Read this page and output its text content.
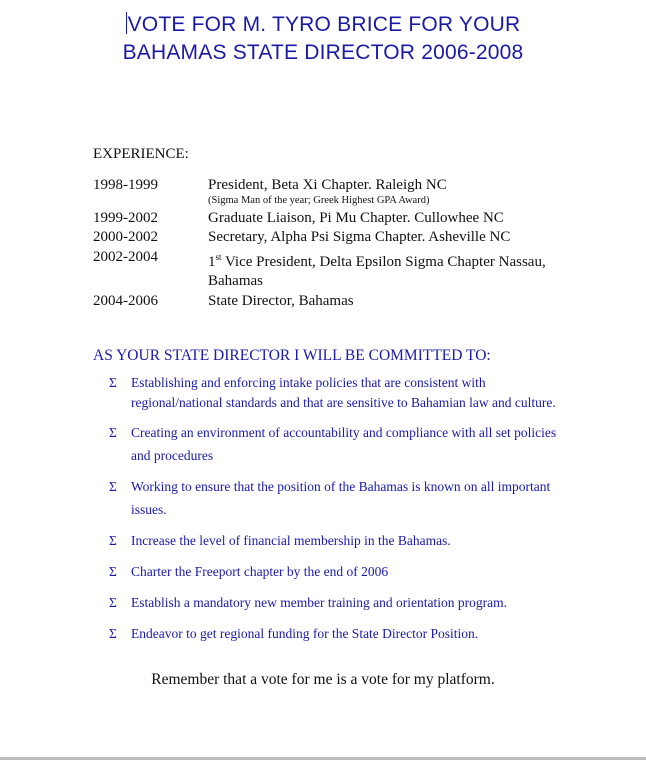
VOTE FOR M. TYRO BRICE FOR YOUR
BAHAMAS STATE DIRECTOR 2006-2008
EXPERIENCE:
1998-1999	President, Beta Xi Chapter. Raleigh NC
(Sigma Man of the year; Greek Highest GPA Award)
1999-2002	Graduate Liaison, Pi Mu Chapter. Cullowhee NC
2000-2002	Secretary, Alpha Psi Sigma Chapter. Asheville NC
2002-2004	1st Vice President, Delta Epsilon Sigma Chapter Nassau, Bahamas
2004-2006	State Director, Bahamas
AS YOUR STATE DIRECTOR I WILL BE COMMITTED TO:
Σ
Establishing and enforcing intake policies that are consistent with regional/national standards and that are sensitive to Bahamian law and culture.
Σ
Creating an environment of accountability and compliance with all set policies and procedures
Σ
Working to ensure that the position of the Bahamas is known on all important issues.
Σ
Increase the level of financial membership in the Bahamas.
Σ
Charter the Freeport chapter by the end of 2006
Σ
Establish a mandatory new member training and orientation program.
Σ
Endeavor to get regional funding for the State Director Position.
Remember that a vote for me is a vote for my platform.
